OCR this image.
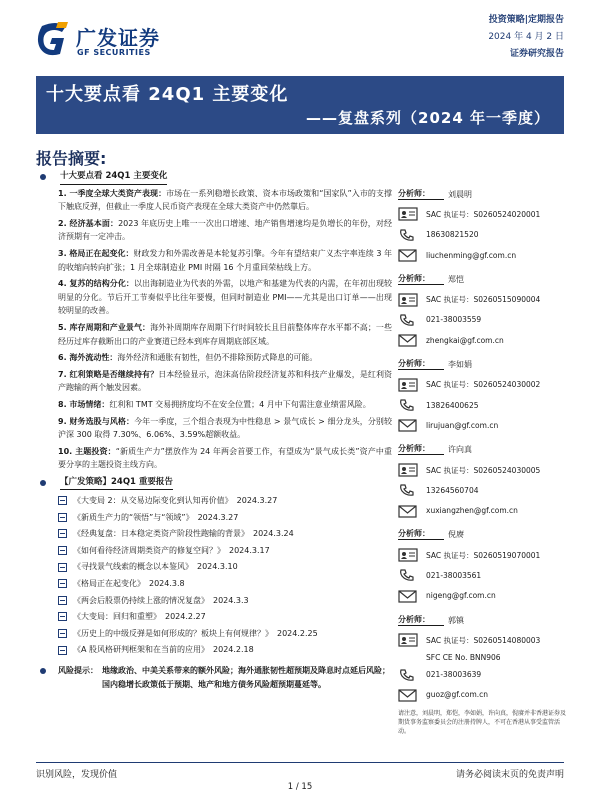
广发证券
GF SECURITIES
投资策略|定期报告
2024 年 4 月 2 日
证券研究报告
十大要点看 24Q1 主要变化
——复盘系列（2024 年一季度）
报告摘要:
十大要点看 24Q1 主要变化
1. 一季度全球大类资产表现：市场在一系列稳增长政策、资本市场政策和“国家队”入市的支撑下触底反弹，但截止一季度人民币资产表现在全球大类资产中仍然靠后。
2. 经济基本面：2023 年底历史上唯一一次出口增速、地产销售增速均是负增长的年份，对经济预期有一定冲击。
3. 格局正在起变化：财政发力和外需改善是本轮复苏引擎。今年有望结束广义杰字率连续 3 年的收缩向转向扩张；1 月全球制造业 PMI 时隔 16 个月重回荣枯线上方。
4. 复苏的结构分化：以出海制造业为代表的外需，以地产和基建为代表的内需，在年初出现较明显的分化。节后开工节奏似乎比往年要慢，但同时制造业 PMI——尤其是出口订单——出现较明显的改善。
5. 库存周期和产业景气：海外补周期库存周期下行时间较长且目前整体库存水平都不高；一些经历过库存截断出口的产业赛道已经本到库存周期底部区域。
6. 海外流动性：海外经济和通胀有韧性，但仍不排除预防式降息的可能。
7. 红利策略是否继续持有？日本经验显示，泡沫高估阶段经济复苏和科技产业爆发，是红利资产跑输的两个触发因素。
8. 市场情绪：红利和 TMT 交易拥挤度均不在安全位置；4 月中下旬需注意业绩雷风险。
9. 财务选股与风格：今年一季度，三个组合表现为中性稳息 > 景气成长 > 细分龙头，分别较沪深 300 取得 7.30%、6.06%、3.59%超额收益。
10. 主题投资：“新质生产力”摆放作为 24 年两会首要工作，有望成为“景气成长类”资产中重要分享的主题投资主线方向。
【广发策略】24Q1 重要报告
《大变局 2：从交易边际变化到认知再价值》 2024.3.27
《新质生产力的“领悟”与“领域”》 2024.3.27
《经典复盘：日本稳定类资产阶段性跑输的背景》 2024.3.24
《如何看待经济周期类资产的修复空间？》 2024.3.17
《寻找景气线索的概念以本鉴风》 2024.3.10
《格局正在起变化》 2024.3.8
《两会后股票仍持续上涨的情况复盘》 2024.3.3
《大变局：回归和重塑》 2024.2.27
《历史上的中级反弹是如何形成的？板块上有何规律？》 2024.2.25
《A 股风格研判框架和在当前的应用》 2024.2.18
风险提示： 地缘政治、中美关系带来的额外风险；海外通胀韧性超预期及降息时点延后风险；国内稳增长政策低于预期、地产和地方债务风险超预期蔓延等。
分析师：	刘晨明
SAC 执证号：S0260524020001
18630821520
liuchenming@gf.com.cn
分析师：	郑恺
SAC 执证号：S0260515090004
021-38003559
zhengkai@gf.com.cn
分析师：	李如娟
SAC 执证号：S0260524030002
13826400625
lirujuan@gf.com.cn
分析师：	许向真
SAC 执证号：S0260524030005
13264560704
xuxiangzhen@gf.com.cn
分析师：	倪赓
SAC 执证号：S0260519070001
021-38003561
nigeng@gf.com.cn
分析师：	郭镇
SAC 执证号：S0260514080003
SFC CE No. BNN906
021-38003639
guoz@gf.com.cn
请注意，刘晨明，郑恺，李如娟，许向真，倪赓并非香港证券及期货事务监察委员会的注册持牌人，不可在香港从事受监管活动。
识别风险，发现价值	请务必阅读末页的免责声明
1 / 15
